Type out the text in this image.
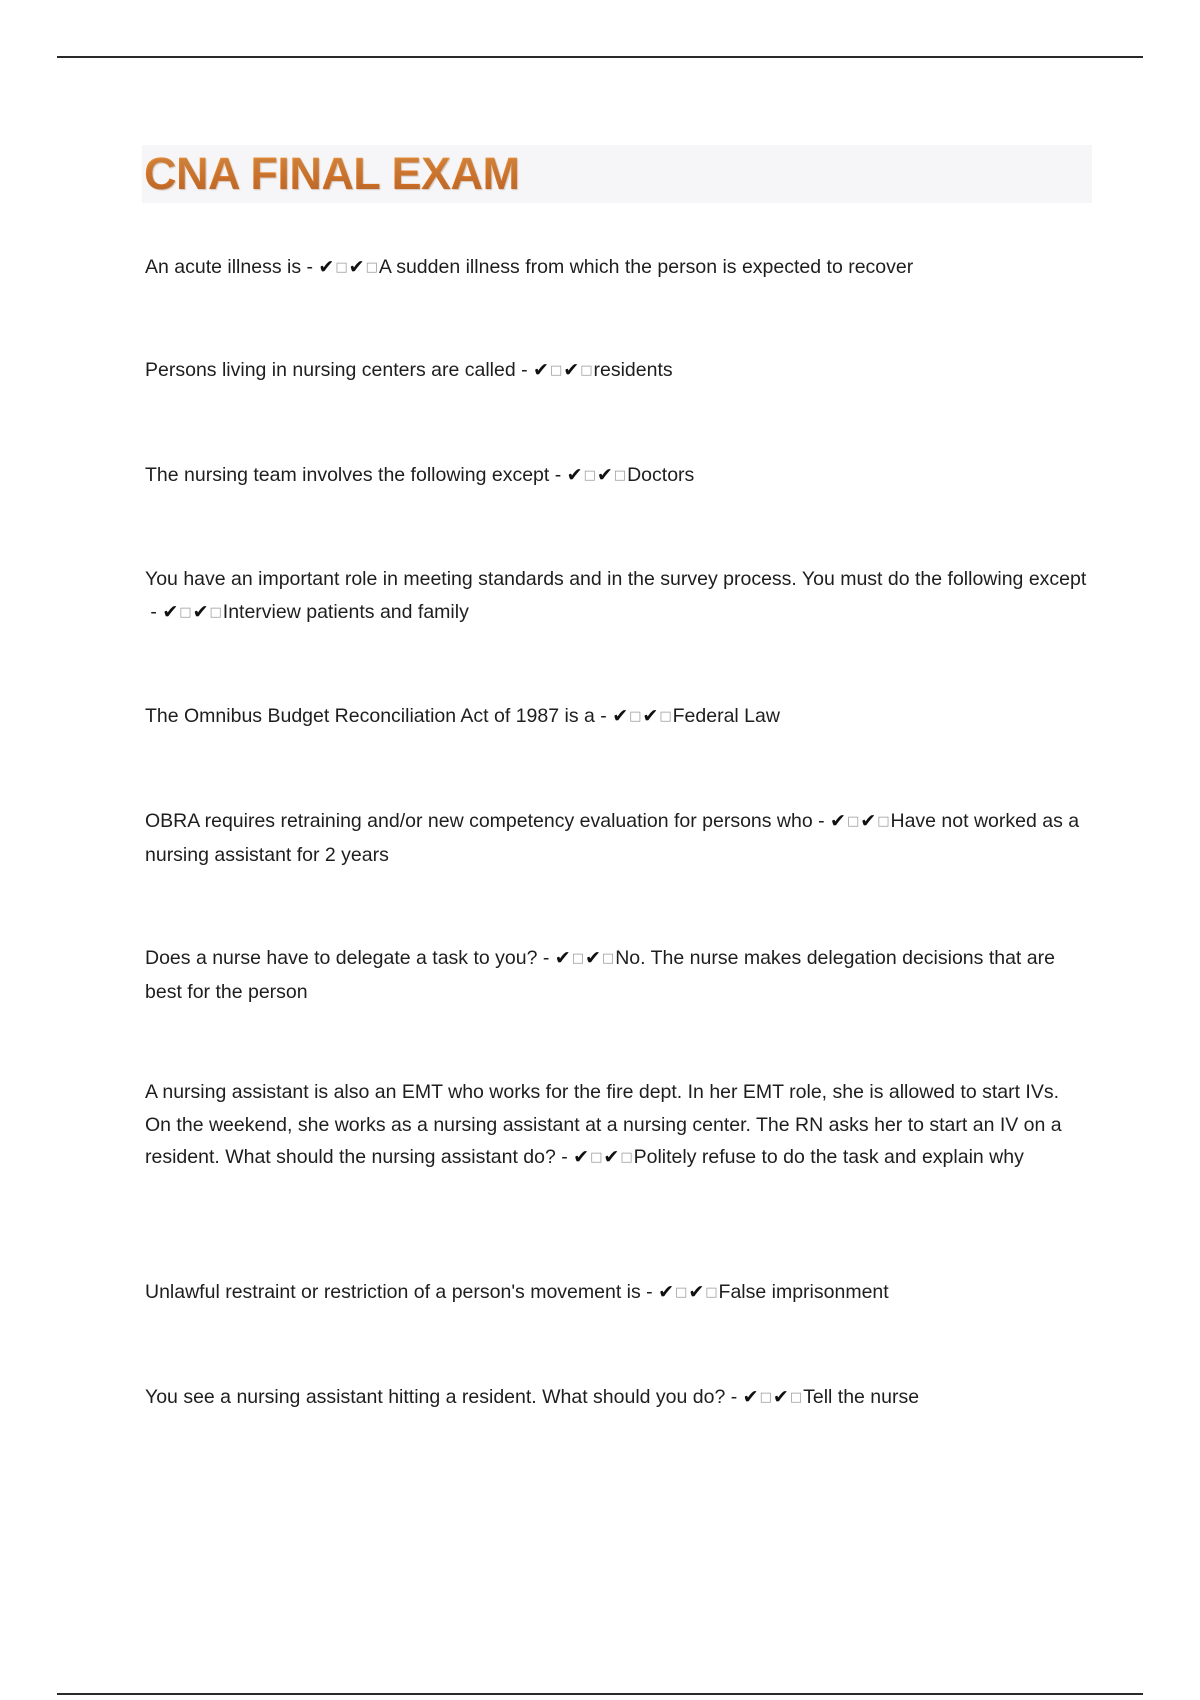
CNA FINAL EXAM
An acute illness is - ✔□✔□A sudden illness from which the person is expected to recover
Persons living in nursing centers are called - ✔□✔□residents
The nursing team involves the following except - ✔□✔□Doctors
You have an important role in meeting standards and in the survey process. You must do the following except - ✔□✔□Interview patients and family
The Omnibus Budget Reconciliation Act of 1987 is a - ✔□✔□Federal Law
OBRA requires retraining and/or new competency evaluation for persons who - ✔□✔□Have not worked as a nursing assistant for 2 years
Does a nurse have to delegate a task to you? - ✔□✔□No. The nurse makes delegation decisions that are best for the person
A nursing assistant is also an EMT who works for the fire dept. In her EMT role, she is allowed to start IVs. On the weekend, she works as a nursing assistant at a nursing center. The RN asks her to start an IV on a resident. What should the nursing assistant do? - ✔□✔□Politely refuse to do the task and explain why
Unlawful restraint or restriction of a person's movement is - ✔□✔□False imprisonment
You see a nursing assistant hitting a resident. What should you do? - ✔□✔□Tell the nurse
